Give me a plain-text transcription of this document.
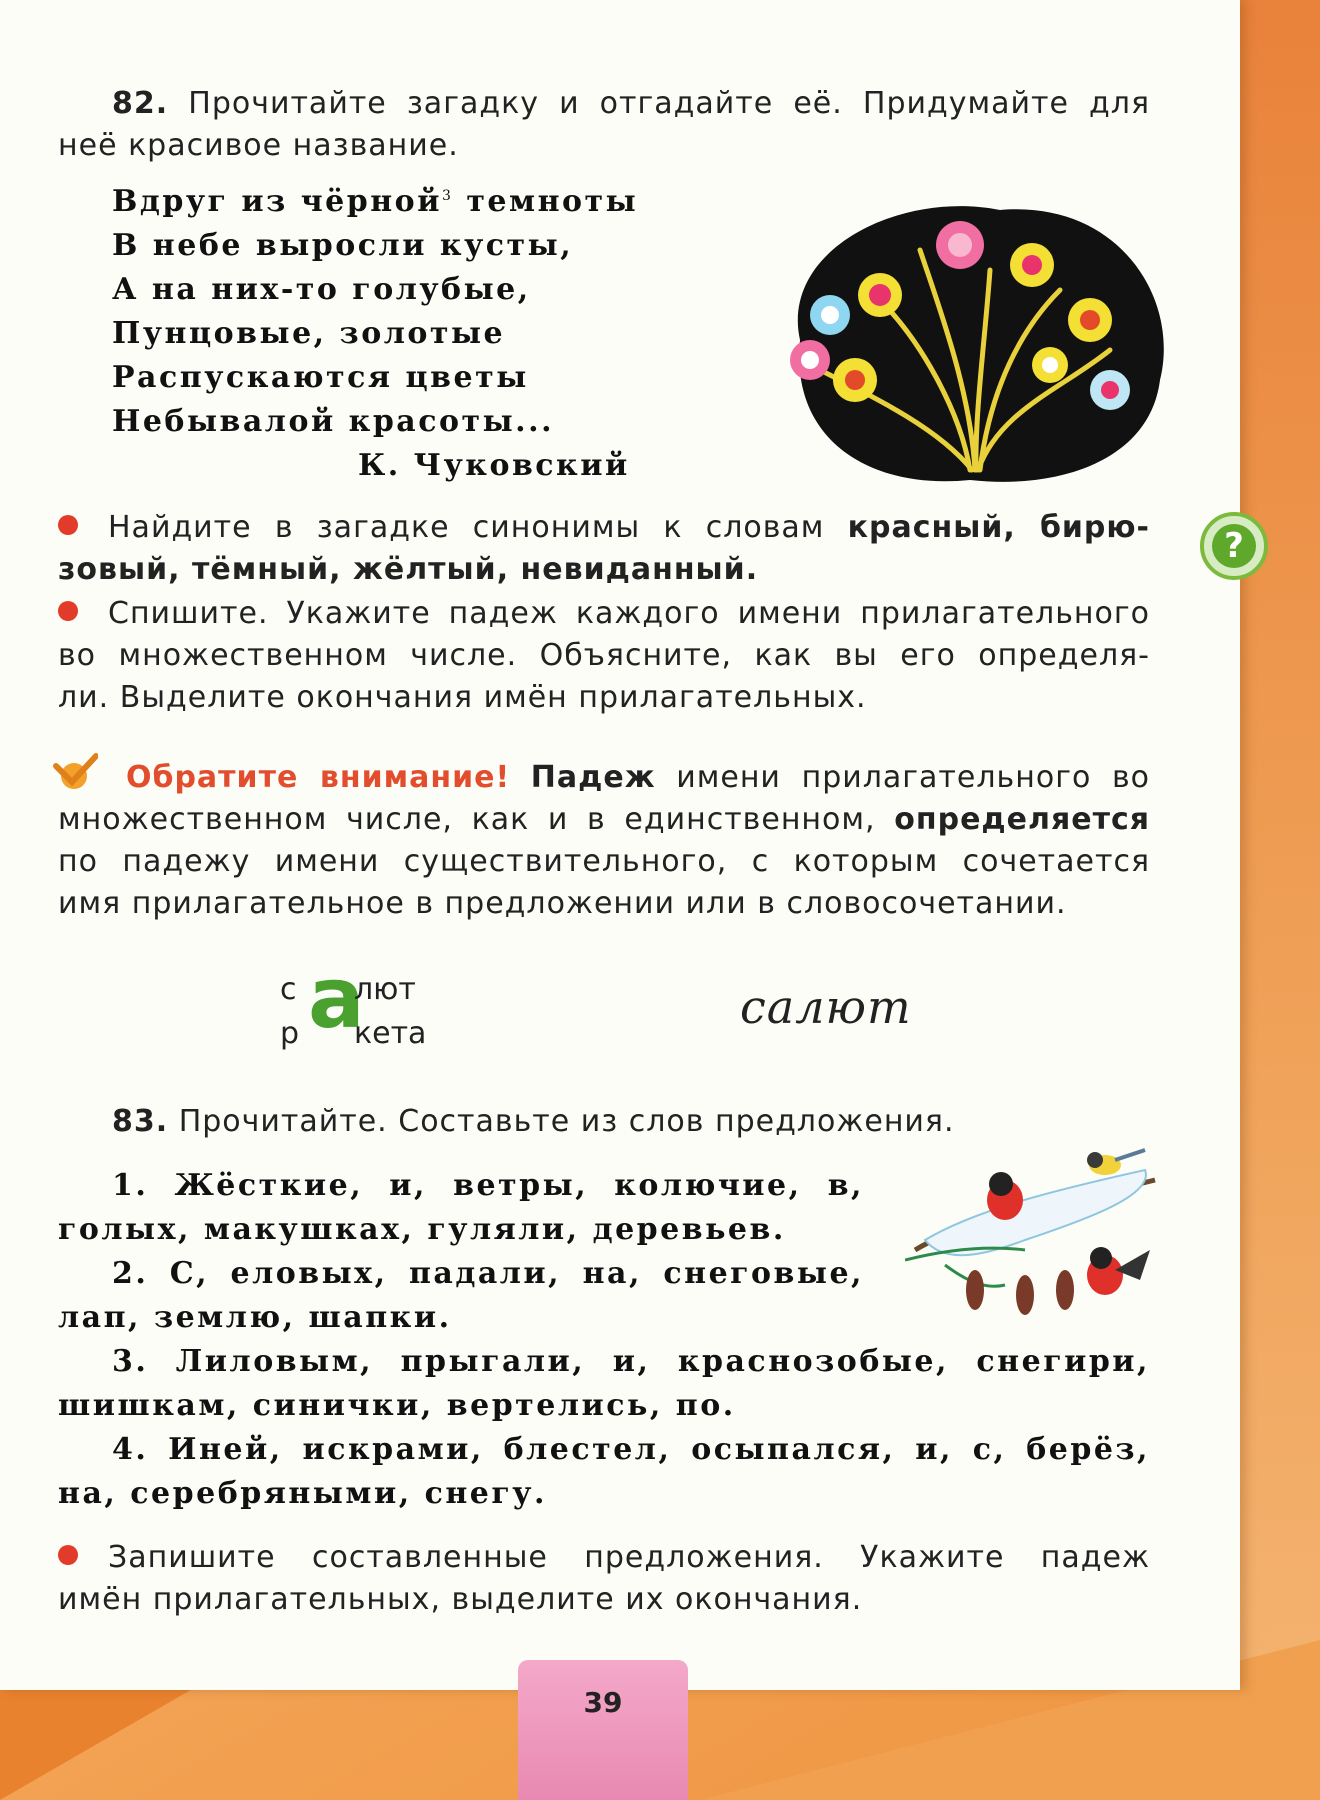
82. Прочитайте загадку и отгадайте её. Придумайте для
неё красивое название.
Вдруг из чёрной$^3$ темноты
В небе выросли кусты,
А на них-то голубые,
Пунцовые, золотые
Распускаются цветы
Небывалой красоты...
К. Чуковский
?
Найдите в загадке синонимы к словам красный, бирю-
зовый, тёмный, жёлтый, невиданный.
Спишите. Укажите падеж каждого имени прилагательного
во множественном числе. Объясните, как вы его определя-
ли. Выделите окончания имён прилагательных.
Обратите внимание! Падеж имени прилагательного во
множественном числе, как и в единственном, определяется
по падежу имени существительного, с которым сочетается
имя прилагательное в предложении или в словосочетании.
с а
лют
р кета	салют
83. Прочитайте. Составьте из слов предложения.
1. Жёсткие, и, ветры, колючие, в,
голых, макушках, гуляли, деревьев.
2. С, еловых, падали, на, снеговые,
лап, землю, шапки.
3. Лиловым, прыгали, и, краснозобые, снегири,
шишкам, синички, вертелись, по.
4. Иней, искрами, блестел, осыпался, и, с, берёз,
на, серебряными, снегу.
Запишите составленные предложения. Укажите падеж
имён прилагательных, выделите их окончания.
39
